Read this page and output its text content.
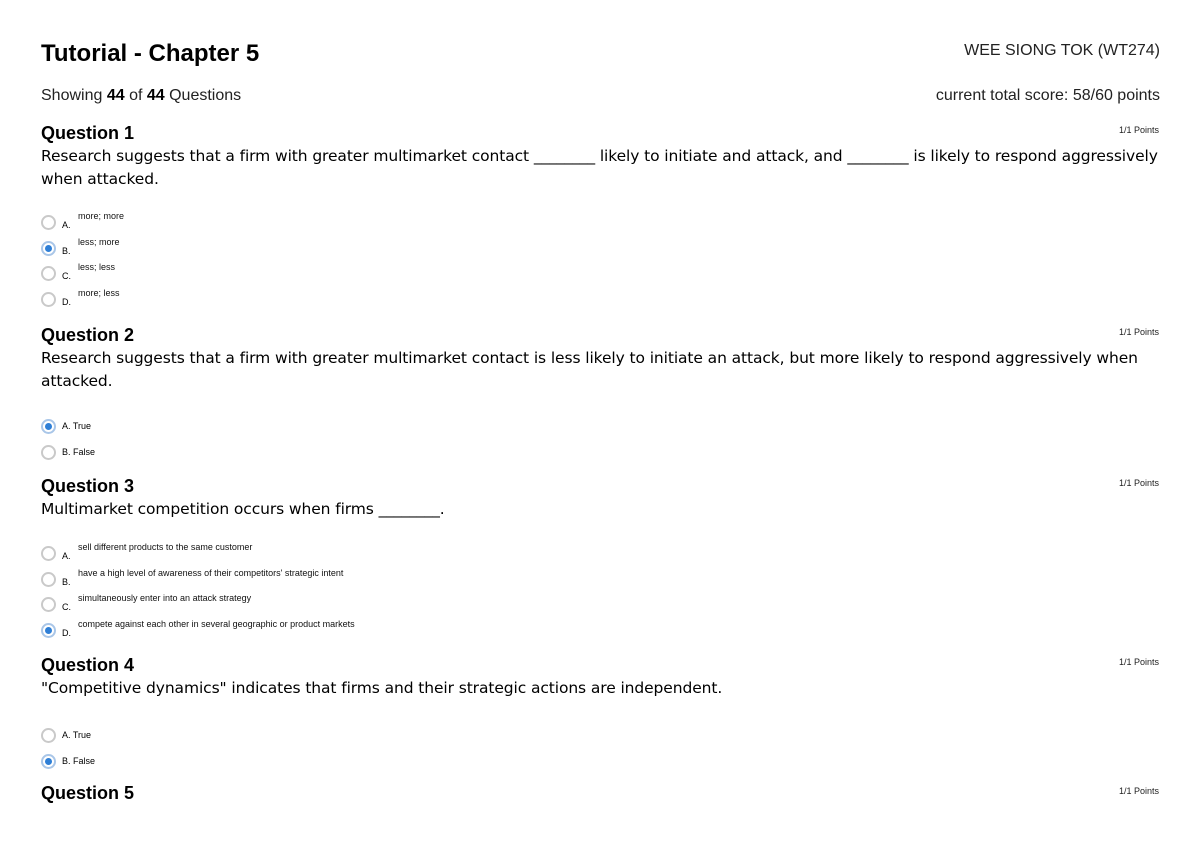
Tutorial - Chapter 5	WEE SIONG TOK (WT274)
Showing 44 of 44 Questions	current total score: 58/60 points
Question 1	1/1 Points
Research suggests that a firm with greater multimarket contact ________ likely to initiate and attack, and ________ is likely to respond aggressively when attacked.
A.
more; more
B.
less; more
C.
less; less
D.
more; less
Question 2	1/1 Points
Research suggests that a firm with greater multimarket contact is less likely to initiate an attack, but more likely to respond aggressively when attacked.
A. True
B. False
Question 3	1/1 Points
Multimarket competition occurs when firms ________.
A.
sell different products to the same customer
B.
have a high level of awareness of their competitors' strategic intent
C.
simultaneously enter into an attack strategy
D.
compete against each other in several geographic or product markets
Question 4	1/1 Points
"Competitive dynamics" indicates that firms and their strategic actions are independent.
A. True
B. False
Question 5	1/1 Points
